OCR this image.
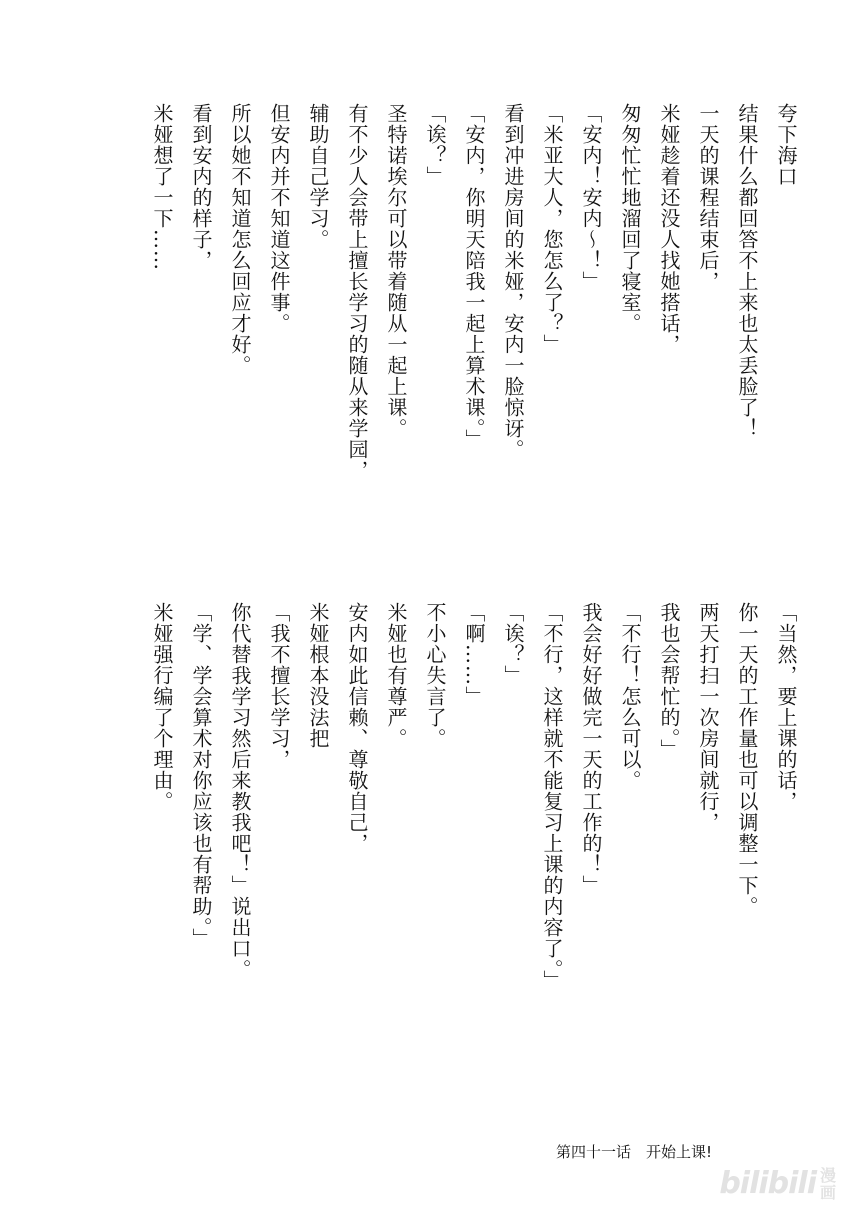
夸下海口
结果什么都回答不上来也太丢脸了！
一天的课程结束后，
米娅趁着还没人找她搭话，
匆匆忙忙地溜回了寝室。
「安内！安内～！」
「米亚大人，您怎么了？」
看到冲进房间的米娅，安内一脸惊讶。
「安内，你明天陪我一起上算术课。」
「诶？」
圣特诺埃尔可以带着随从一起上课。
有不少人会带上擅长学习的随从来学园，
辅助自己学习。
但安内并不知道这件事。
所以她不知道怎么回应才好。
看到安内的样子，
米娅想了一下……
「当然，要上课的话，
你一天的工作量也可以调整一下。
两天打扫一次房间就行，
我也会帮忙的。」
「不行！怎么可以。
我会好好做完一天的工作的！」
「不行，这样就不能复习上课的内容了。」
「诶？」
「啊……」
不小心失言了。
米娅也有尊严。
安内如此信赖、尊敬自己，
米娅根本没法把
「我不擅长学习，
你代替我学习然后来教我吧！」说出口。
「学、学会算术对你应该也有帮助。」
米娅强行编了个理由。
第四十一话　开始上课!
bilibili 漫
画
